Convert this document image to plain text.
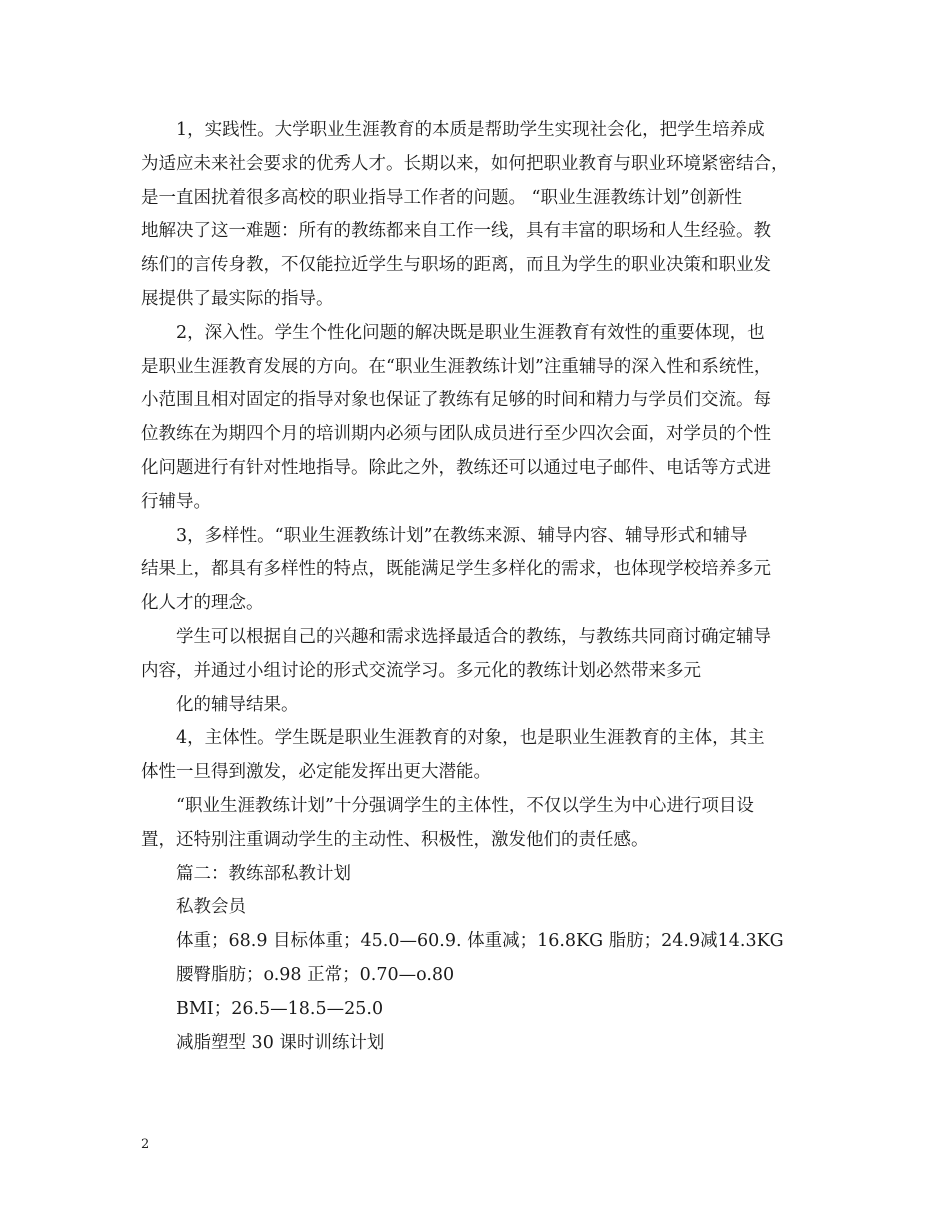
1，实践性。大学职业生涯教育的本质是帮助学生实现社会化，把学生培养成
为适应未来社会要求的优秀人才。长期以来，如何把职业教育与职业环境紧密结合，
是一直困扰着很多高校的职业指导工作者的问题。 “职业生涯教练计划”创新性
地解决了这一难题：所有的教练都来自工作一线，具有丰富的职场和人生经验。教
练们的言传身教，不仅能拉近学生与职场的距离，而且为学生的职业决策和职业发
展提供了最实际的指导。
2，深入性。学生个性化问题的解决既是职业生涯教育有效性的重要体现，也
是职业生涯教育发展的方向。在“职业生涯教练计划”注重辅导的深入性和系统性，
小范围且相对固定的指导对象也保证了教练有足够的时间和精力与学员们交流。每
位教练在为期四个月的培训期内必须与团队成员进行至少四次会面，对学员的个性
化问题进行有针对性地指导。除此之外，教练还可以通过电子邮件、电话等方式进
行辅导。
3，多样性。“职业生涯教练计划”在教练来源、辅导内容、辅导形式和辅导
结果上，都具有多样性的特点，既能满足学生多样化的需求，也体现学校培养多元
化人才的理念。
学生可以根据自己的兴趣和需求选择最适合的教练，与教练共同商讨确定辅导
内容，并通过小组讨论的形式交流学习。多元化的教练计划必然带来多元
化的辅导结果。
4，主体性。学生既是职业生涯教育的对象，也是职业生涯教育的主体，其主
体性一旦得到激发，必定能发挥出更大潜能。
“职业生涯教练计划”十分强调学生的主体性，不仅以学生为中心进行项目设
置，还特别注重调动学生的主动性、积极性，激发他们的责任感。
篇二：教练部私教计划
私教会员
体重；68.9 目标体重；45.0—60.9. 体重减；16.8KG 脂肪；24.9减14.3KG
腰臀脂肪；o.98 正常；0.70—o.80
BMI；26.5—18.5—25.0
减脂塑型 30 课时训练计划
2
